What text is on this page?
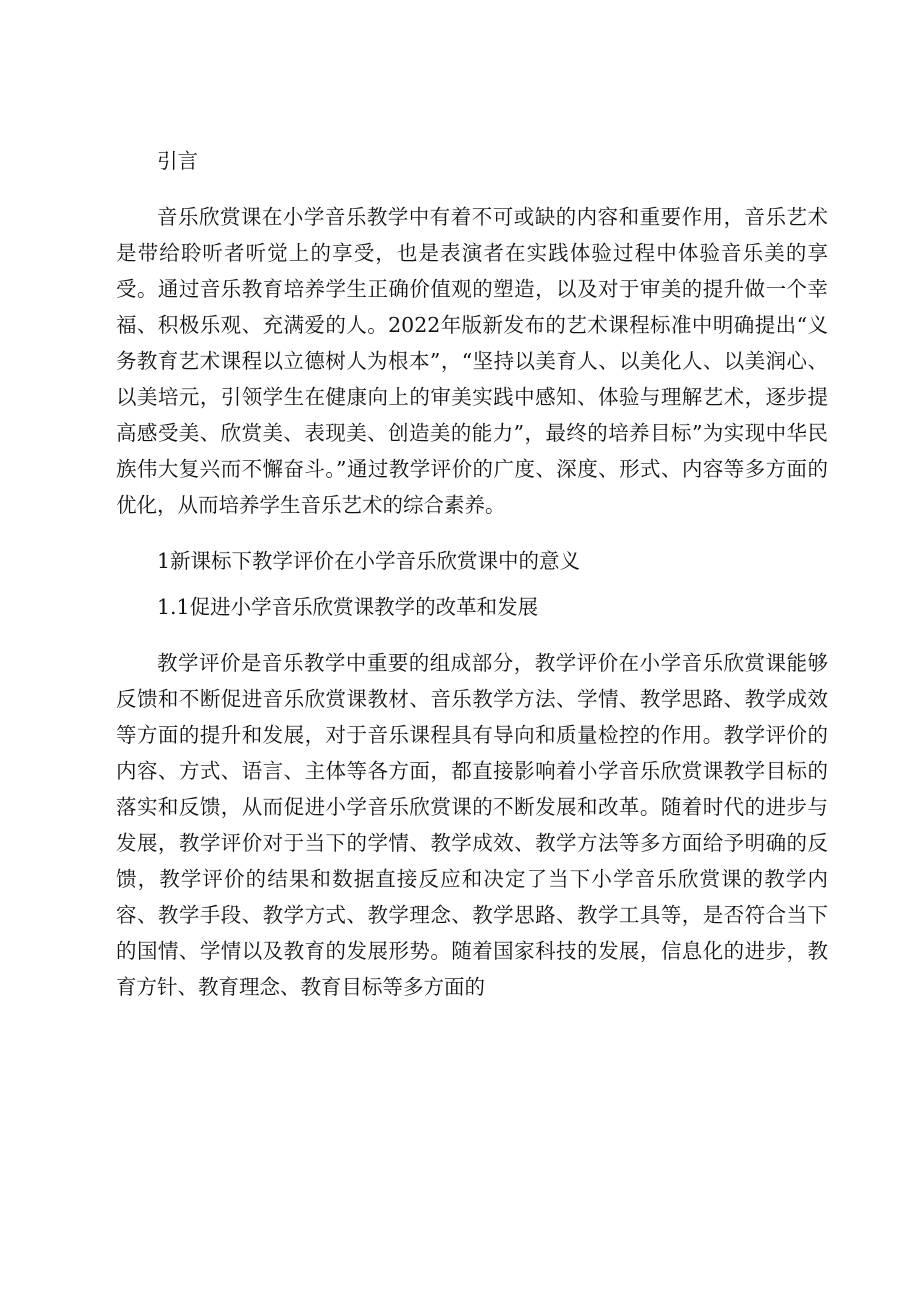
引言

音乐欣赏课在小学音乐教学中有着不可或缺的内容和重要作用，音乐艺术是带给聆听者听觉上的享受，也是表演者在实践体验过程中体验音乐美的享受。通过音乐教育培养学生正确价值观的塑造，以及对于审美的提升做一个幸福、积极乐观、充满爱的人。2022年版新发布的艺术课程标准中明确提出“义务教育艺术课程以立德树人为根本”，“坚持以美育人、以美化人、以美润心、以美培元，引领学生在健康向上的审美实践中感知、体验与理解艺术，逐步提高感受美、欣赏美、表现美、创造美的能力”，最终的培养目标”为实现中华民族伟大复兴而不懈奋斗。”通过教学评价的广度、深度、形式、内容等多方面的优化，从而培养学生音乐艺术的综合素养。

1新课标下教学评价在小学音乐欣赏课中的意义

1.1促进小学音乐欣赏课教学的改革和发展

教学评价是音乐教学中重要的组成部分，教学评价在小学音乐欣赏课能够反馈和不断促进音乐欣赏课教材、音乐教学方法、学情、教学思路、教学成效等方面的提升和发展，对于音乐课程具有导向和质量检控的作用。教学评价的内容、方式、语言、主体等各方面，都直接影响着小学音乐欣赏课教学目标的落实和反馈，从而促进小学音乐欣赏课的不断发展和改革。随着时代的进步与发展，教学评价对于当下的学情、教学成效、教学方法等多方面给予明确的反馈，教学评价的结果和数据直接反应和决定了当下小学音乐欣赏课的教学内容、教学手段、教学方式、教学理念、教学思路、教学工具等，是否符合当下的国情、学情以及教育的发展形势。随着国家科技的发展，信息化的进步，教育方针、教育理念、教育目标等多方面的
